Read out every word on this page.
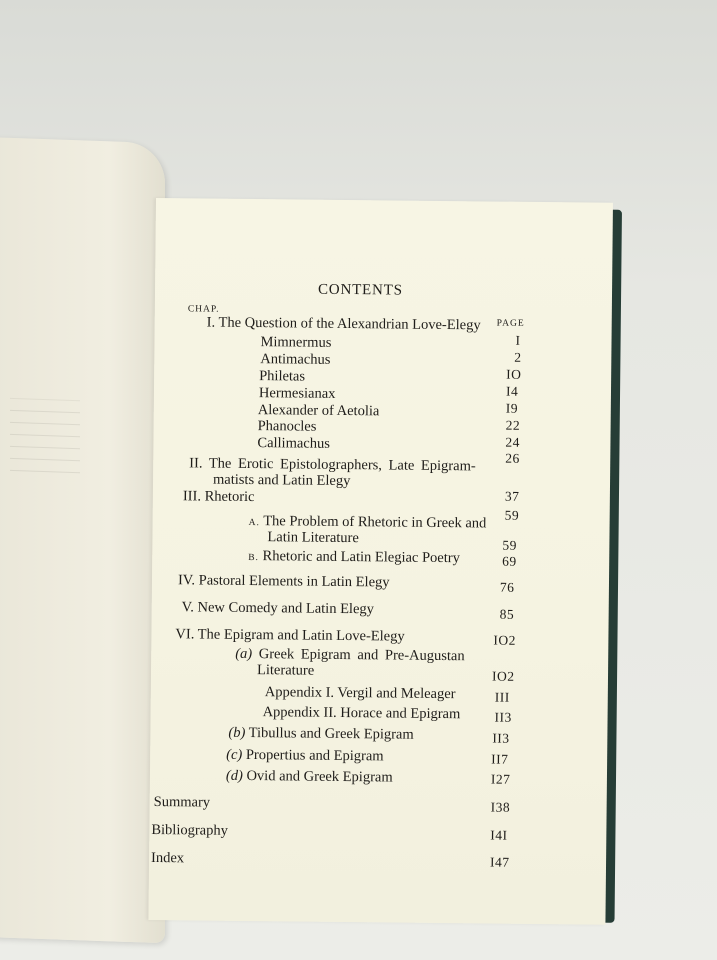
CONTENTS
CHAP.
PAGE
I. The Question of the Alexandrian Love-Elegy
Mimnermus
Antimachus
Philetas
Hermesianax
Alexander of Aetolia
Phanocles
Callimachus
II. The Erotic Epistolographers, Late Epigram-
matists and Latin Elegy
III. Rhetoric
A. The Problem of Rhetoric in Greek and
Latin Literature
B. Rhetoric and Latin Elegiac Poetry
IV. Pastoral Elements in Latin Elegy
V. New Comedy and Latin Elegy
VI. The Epigram and Latin Love-Elegy
(a) Greek Epigram and Pre-Augustan
Literature
Appendix I. Vergil and Meleager
Appendix II. Horace and Epigram
(b) Tibullus and Greek Epigram
(c) Propertius and Epigram
(d) Ovid and Greek Epigram
Summary
Bibliography
Index
I
2
IO
I4
I9
22
24
26
37
59
59
69
76
85
IO2
IO2
III
II3
II3
II7
I27
I38
I4I
I47
